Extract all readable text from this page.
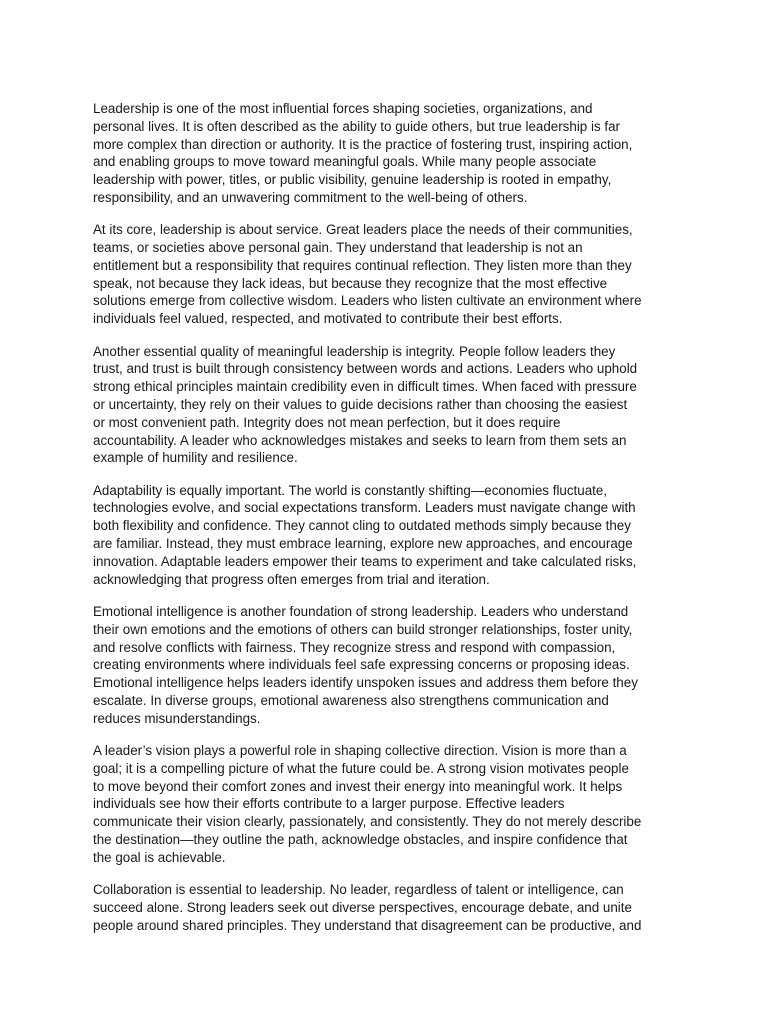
Leadership is one of the most influential forces shaping societies, organizations, and
personal lives. It is often described as the ability to guide others, but true leadership is far
more complex than direction or authority. It is the practice of fostering trust, inspiring action,
and enabling groups to move toward meaningful goals. While many people associate
leadership with power, titles, or public visibility, genuine leadership is rooted in empathy,
responsibility, and an unwavering commitment to the well-being of others.

At its core, leadership is about service. Great leaders place the needs of their communities,
teams, or societies above personal gain. They understand that leadership is not an
entitlement but a responsibility that requires continual reflection. They listen more than they
speak, not because they lack ideas, but because they recognize that the most effective
solutions emerge from collective wisdom. Leaders who listen cultivate an environment where
individuals feel valued, respected, and motivated to contribute their best efforts.

Another essential quality of meaningful leadership is integrity. People follow leaders they
trust, and trust is built through consistency between words and actions. Leaders who uphold
strong ethical principles maintain credibility even in difficult times. When faced with pressure
or uncertainty, they rely on their values to guide decisions rather than choosing the easiest
or most convenient path. Integrity does not mean perfection, but it does require
accountability. A leader who acknowledges mistakes and seeks to learn from them sets an
example of humility and resilience.

Adaptability is equally important. The world is constantly shifting—economies fluctuate,
technologies evolve, and social expectations transform. Leaders must navigate change with
both flexibility and confidence. They cannot cling to outdated methods simply because they
are familiar. Instead, they must embrace learning, explore new approaches, and encourage
innovation. Adaptable leaders empower their teams to experiment and take calculated risks,
acknowledging that progress often emerges from trial and iteration.

Emotional intelligence is another foundation of strong leadership. Leaders who understand
their own emotions and the emotions of others can build stronger relationships, foster unity,
and resolve conflicts with fairness. They recognize stress and respond with compassion,
creating environments where individuals feel safe expressing concerns or proposing ideas.
Emotional intelligence helps leaders identify unspoken issues and address them before they
escalate. In diverse groups, emotional awareness also strengthens communication and
reduces misunderstandings.

A leader’s vision plays a powerful role in shaping collective direction. Vision is more than a
goal; it is a compelling picture of what the future could be. A strong vision motivates people
to move beyond their comfort zones and invest their energy into meaningful work. It helps
individuals see how their efforts contribute to a larger purpose. Effective leaders
communicate their vision clearly, passionately, and consistently. They do not merely describe
the destination—they outline the path, acknowledge obstacles, and inspire confidence that
the goal is achievable.

Collaboration is essential to leadership. No leader, regardless of talent or intelligence, can
succeed alone. Strong leaders seek out diverse perspectives, encourage debate, and unite
people around shared principles. They understand that disagreement can be productive, and
